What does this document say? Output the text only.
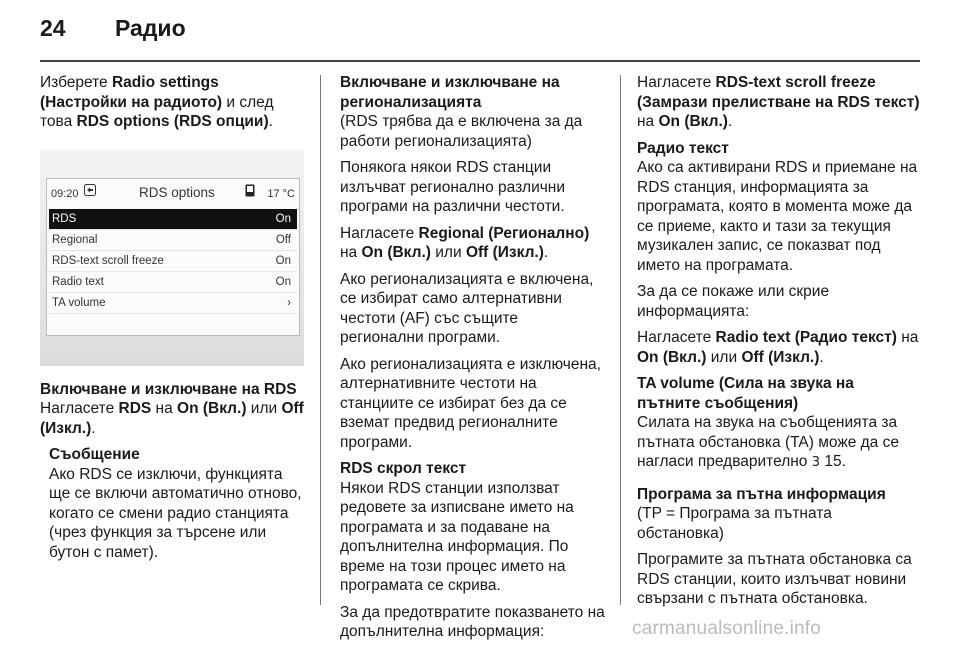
24 Радио

Изберете Radio settings (Настройки на радиото) и след това RDS options (RDS опции).

09:20	RDS options	17 °C
RDS	On
Regional	Off
RDS-text scroll freeze	On
Radio text	On
TA volume	›

Включване и изключване на RDS
Нагласете RDS на On (Вкл.) или Off (Изкл.).

Съобщение
Ако RDS се изключи, функцията ще се включи автоматично отново, когато се смени радио станцията (чрез функция за търсене или бутон с памет).

Включване и изключване на регионализацията
(RDS трябва да е включена за да работи регионализацията)

Понякога някои RDS станции излъчват регионално различни програми на различни честоти.

Нагласете Regional (Регионално) на On (Вкл.) или Off (Изкл.).

Ако регионализацията е включена, се избират само алтернативни честоти (AF) със същите регионални програми.

Ако регионализацията е изключена, алтернативните честоти на станциите се избират без да се вземат предвид регионалните програми.

RDS скрол текст
Някои RDS станции използват редовете за изписване името на програмата и за подаване на допълнителна информация. По време на този процес името на програмата се скрива.

За да предотвратите показването на допълнителна информация:

Нагласете RDS-text scroll freeze (Замрази прелистване на RDS текст) на On (Вкл.).

Радио текст
Ако са активирани RDS и приемане на RDS станция, информацията за програмата, която в момента може да се приеме, както и тази за текущия музикален запис, се показват под името на програмата.

За да се покаже или скрие информацията:

Нагласете Radio text (Радио текст) на On (Вкл.) или Off (Изкл.).

TA volume (Сила на звука на пътните съобщения)
Силата на звука на съобщенията за пътната обстановка (TA) може да се нагласи предварително 3 15.

Програма за пътна информация
(TP = Програма за пътната обстановка)

Програмите за пътната обстановка са RDS станции, които излъчват новини свързани с пътната обстановка.

carmanualsonline.info
